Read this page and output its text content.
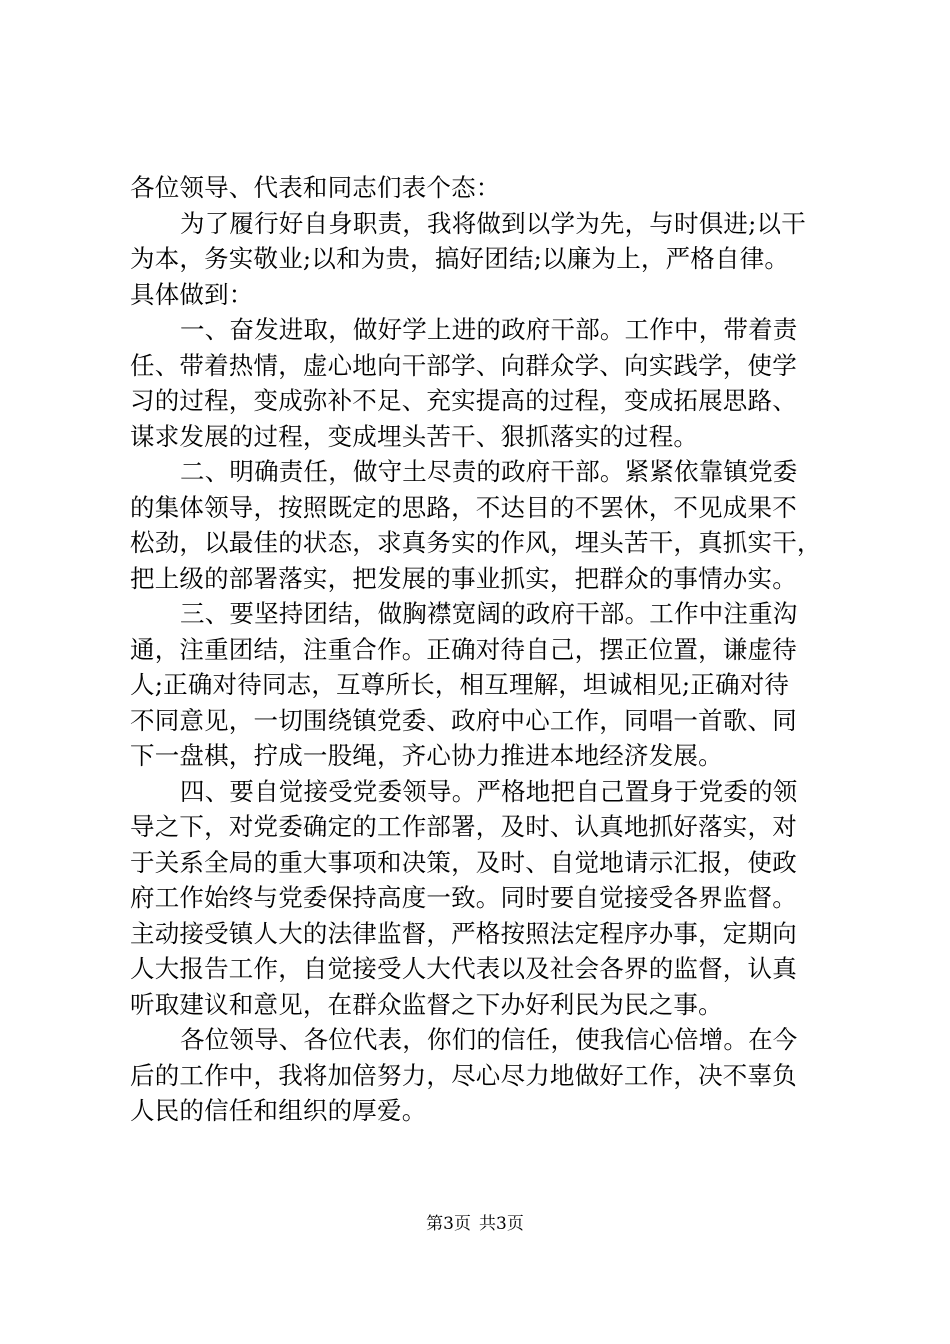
各位领导、代表和同志们表个态：
为了履行好自身职责，我将做到以学为先，与时俱进;以干
为本，务实敬业;以和为贵，搞好团结;以廉为上，严格自律。
具体做到：
一、奋发进取，做好学上进的政府干部。工作中，带着责
任、带着热情，虚心地向干部学、向群众学、向实践学，使学
习的过程，变成弥补不足、充实提高的过程，变成拓展思路、
谋求发展的过程，变成埋头苦干、狠抓落实的过程。
二、明确责任，做守土尽责的政府干部。紧紧依靠镇党委
的集体领导，按照既定的思路，不达目的不罢休，不见成果不
松劲，以最佳的状态，求真务实的作风，埋头苦干，真抓实干，
把上级的部署落实，把发展的事业抓实，把群众的事情办实。
三、要坚持团结，做胸襟宽阔的政府干部。工作中注重沟
通，注重团结，注重合作。正确对待自己，摆正位置，谦虚待
人;正确对待同志，互尊所长，相互理解，坦诚相见;正确对待
不同意见，一切围绕镇党委、政府中心工作，同唱一首歌、同
下一盘棋，拧成一股绳，齐心协力推进本地经济发展。
四、要自觉接受党委领导。严格地把自己置身于党委的领
导之下，对党委确定的工作部署，及时、认真地抓好落实，对
于关系全局的重大事项和决策，及时、自觉地请示汇报，使政
府工作始终与党委保持高度一致。同时要自觉接受各界监督。
主动接受镇人大的法律监督，严格按照法定程序办事，定期向
人大报告工作，自觉接受人大代表以及社会各界的监督，认真
听取建议和意见，在群众监督之下办好利民为民之事。
各位领导、各位代表，你们的信任，使我信心倍增。在今
后的工作中，我将加倍努力，尽心尽力地做好工作，决不辜负
人民的信任和组织的厚爱。
第3页 共3页
